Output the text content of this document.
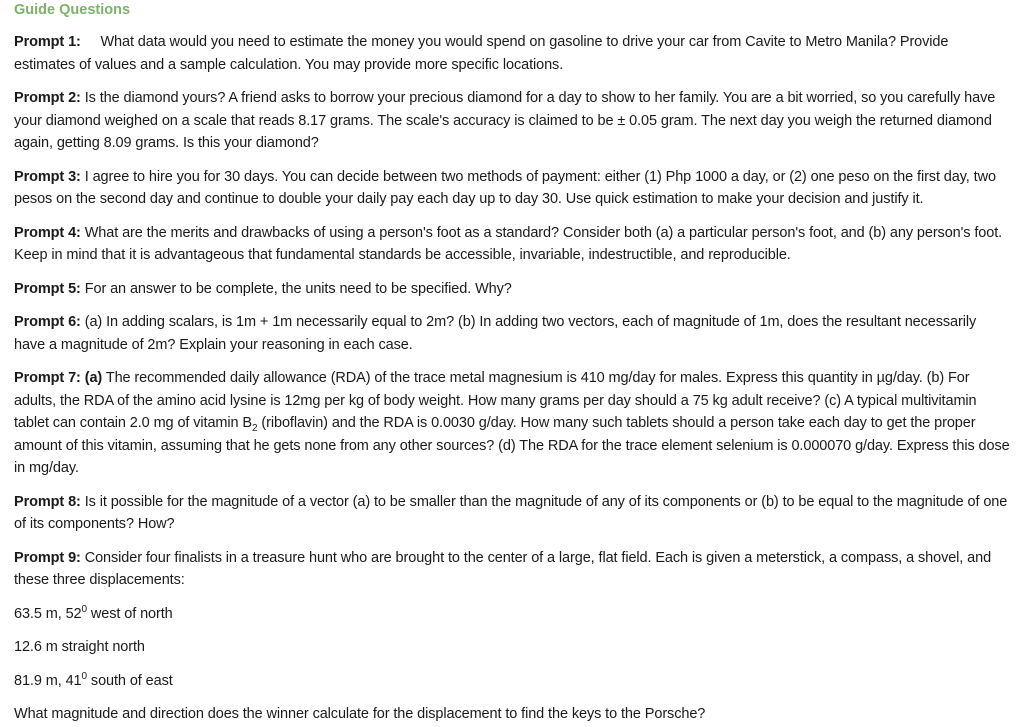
Guide Questions

Prompt 1: What data would you need to estimate the money you would spend on gasoline to drive your car from Cavite to Metro Manila? Provide estimates of values and a sample calculation. You may provide more specific locations.

Prompt 2: Is the diamond yours? A friend asks to borrow your precious diamond for a day to show to her family. You are a bit worried, so you carefully have your diamond weighed on a scale that reads 8.17 grams. The scale's accuracy is claimed to be ± 0.05 gram. The next day you weigh the returned diamond again, getting 8.09 grams. Is this your diamond?

Prompt 3: I agree to hire you for 30 days. You can decide between two methods of payment: either (1) Php 1000 a day, or (2) one peso on the first day, two pesos on the second day and continue to double your daily pay each day up to day 30. Use quick estimation to make your decision and justify it.

Prompt 4: What are the merits and drawbacks of using a person's foot as a standard? Consider both (a) a particular person's foot, and (b) any person's foot. Keep in mind that it is advantageous that fundamental standards be accessible, invariable, indestructible, and reproducible.

Prompt 5: For an answer to be complete, the units need to be specified. Why?

Prompt 6: (a) In adding scalars, is 1m + 1m necessarily equal to 2m? (b) In adding two vectors, each of magnitude of 1m, does the resultant necessarily have a magnitude of 2m? Explain your reasoning in each case.

Prompt 7: (a) The recommended daily allowance (RDA) of the trace metal magnesium is 410 mg/day for males. Express this quantity in µg/day. (b) For adults, the RDA of the amino acid lysine is 12mg per kg of body weight. How many grams per day should a 75 kg adult receive? (c) A typical multivitamin tablet can contain 2.0 mg of vitamin $B_2$ (riboflavin) and the RDA is 0.0030 g/day. How many such tablets should a person take each day to get the proper amount of this vitamin, assuming that he gets none from any other sources? (d) The RDA for the trace element selenium is 0.000070 g/day. Express this dose in mg/day.

Prompt 8: Is it possible for the magnitude of a vector (a) to be smaller than the magnitude of any of its components or (b) to be equal to the magnitude of one of its components? How?

Prompt 9: Consider four finalists in a treasure hunt who are brought to the center of a large, flat field. Each is given a meterstick, a compass, a shovel, and these three displacements:

63.5 m, $52^0$ west of north

12.6 m straight north

81.9 m, $41^0$ south of east

What magnitude and direction does the winner calculate for the displacement to find the keys to the Porsche?
